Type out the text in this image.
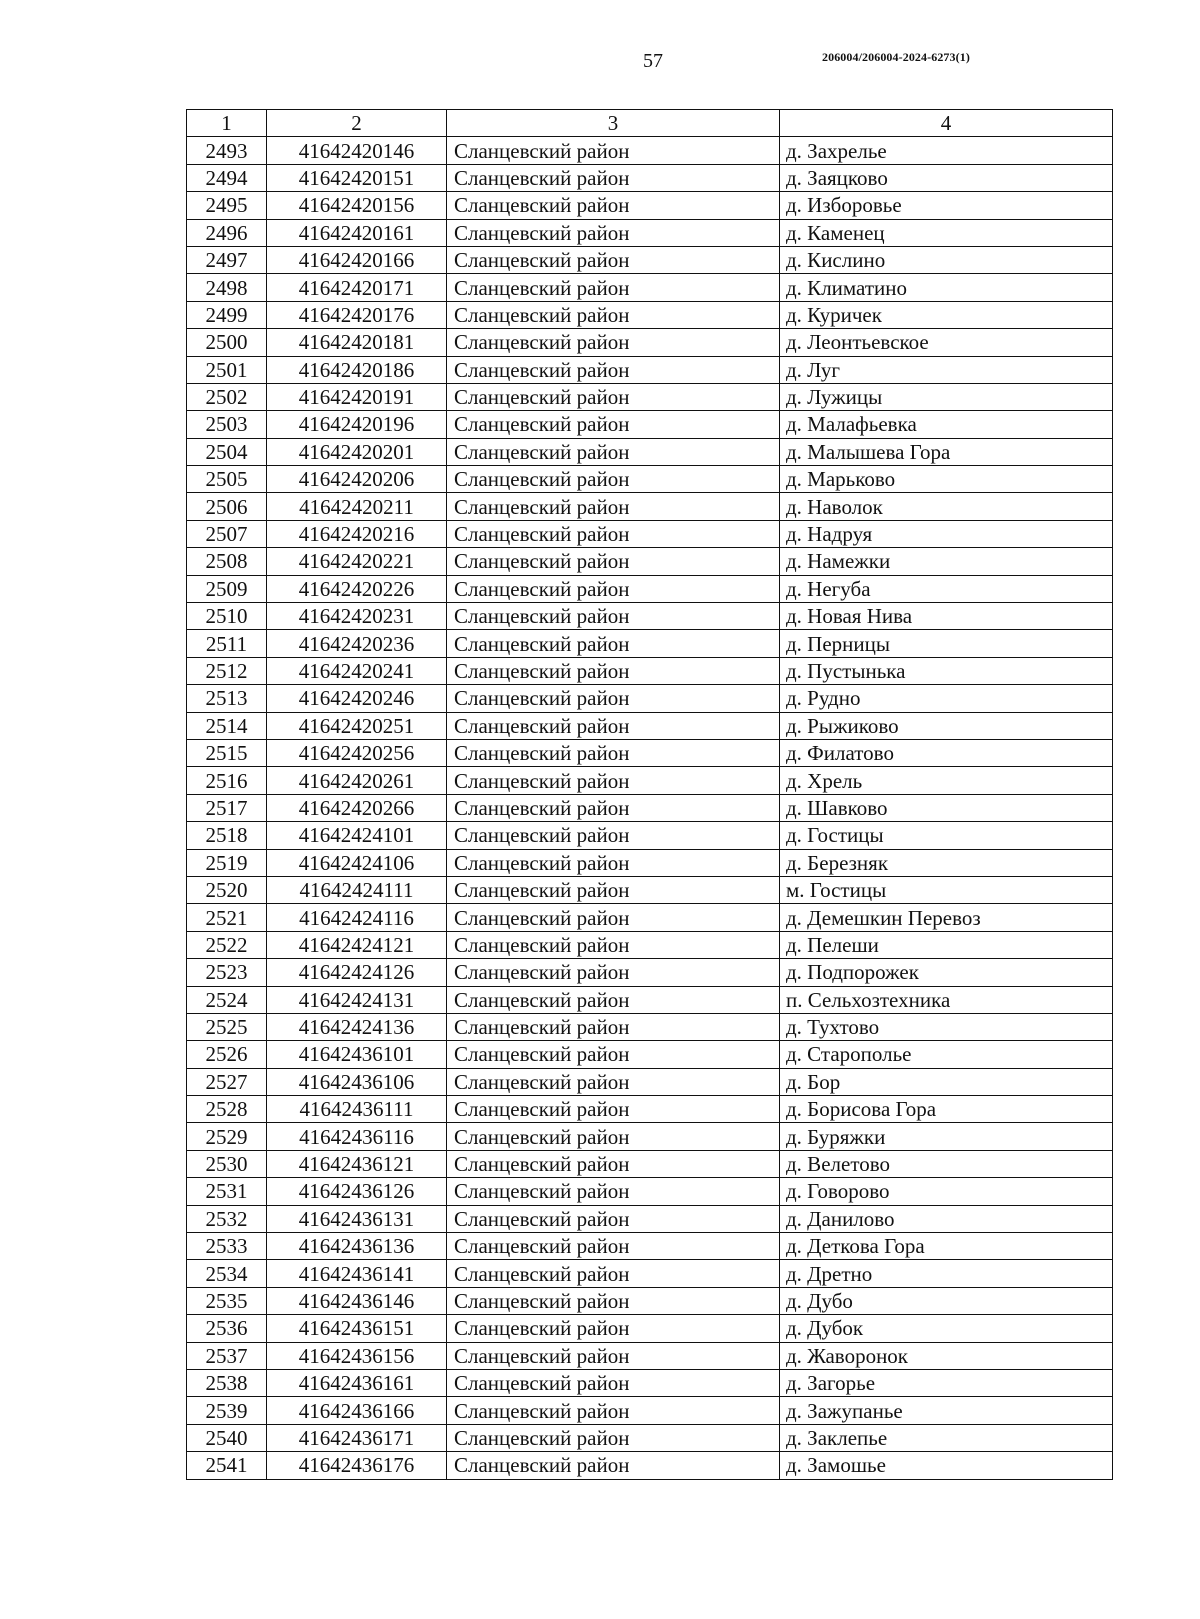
57	206004/206004-2024-6273(1)
1	2	3	4
2493	41642420146	Сланцевский район	д. Захрелье
2494	41642420151	Сланцевский район	д. Заяцково
2495	41642420156	Сланцевский район	д. Изборовье
2496	41642420161	Сланцевский район	д. Каменец
2497	41642420166	Сланцевский район	д. Кислино
2498	41642420171	Сланцевский район	д. Климатино
2499	41642420176	Сланцевский район	д. Куричек
2500	41642420181	Сланцевский район	д. Леонтьевское
2501	41642420186	Сланцевский район	д. Луг
2502	41642420191	Сланцевский район	д. Лужицы
2503	41642420196	Сланцевский район	д. Малафьевка
2504	41642420201	Сланцевский район	д. Малышева Гора
2505	41642420206	Сланцевский район	д. Марьково
2506	41642420211	Сланцевский район	д. Наволок
2507	41642420216	Сланцевский район	д. Надруя
2508	41642420221	Сланцевский район	д. Намежки
2509	41642420226	Сланцевский район	д. Негуба
2510	41642420231	Сланцевский район	д. Новая Нива
2511	41642420236	Сланцевский район	д. Перницы
2512	41642420241	Сланцевский район	д. Пустынька
2513	41642420246	Сланцевский район	д. Рудно
2514	41642420251	Сланцевский район	д. Рыжиково
2515	41642420256	Сланцевский район	д. Филатово
2516	41642420261	Сланцевский район	д. Хрель
2517	41642420266	Сланцевский район	д. Шавково
2518	41642424101	Сланцевский район	д. Гостицы
2519	41642424106	Сланцевский район	д. Березняк
2520	41642424111	Сланцевский район	м. Гостицы
2521	41642424116	Сланцевский район	д. Демешкин Перевоз
2522	41642424121	Сланцевский район	д. Пелеши
2523	41642424126	Сланцевский район	д. Подпорожек
2524	41642424131	Сланцевский район	п. Сельхозтехника
2525	41642424136	Сланцевский район	д. Тухтово
2526	41642436101	Сланцевский район	д. Старополье
2527	41642436106	Сланцевский район	д. Бор
2528	41642436111	Сланцевский район	д. Борисова Гора
2529	41642436116	Сланцевский район	д. Буряжки
2530	41642436121	Сланцевский район	д. Велетово
2531	41642436126	Сланцевский район	д. Говорово
2532	41642436131	Сланцевский район	д. Данилово
2533	41642436136	Сланцевский район	д. Деткова Гора
2534	41642436141	Сланцевский район	д. Дретно
2535	41642436146	Сланцевский район	д. Дубо
2536	41642436151	Сланцевский район	д. Дубок
2537	41642436156	Сланцевский район	д. Жаворонок
2538	41642436161	Сланцевский район	д. Загорье
2539	41642436166	Сланцевский район	д. Зажупанье
2540	41642436171	Сланцевский район	д. Заклепье
2541	41642436176	Сланцевский район	д. Замошье
